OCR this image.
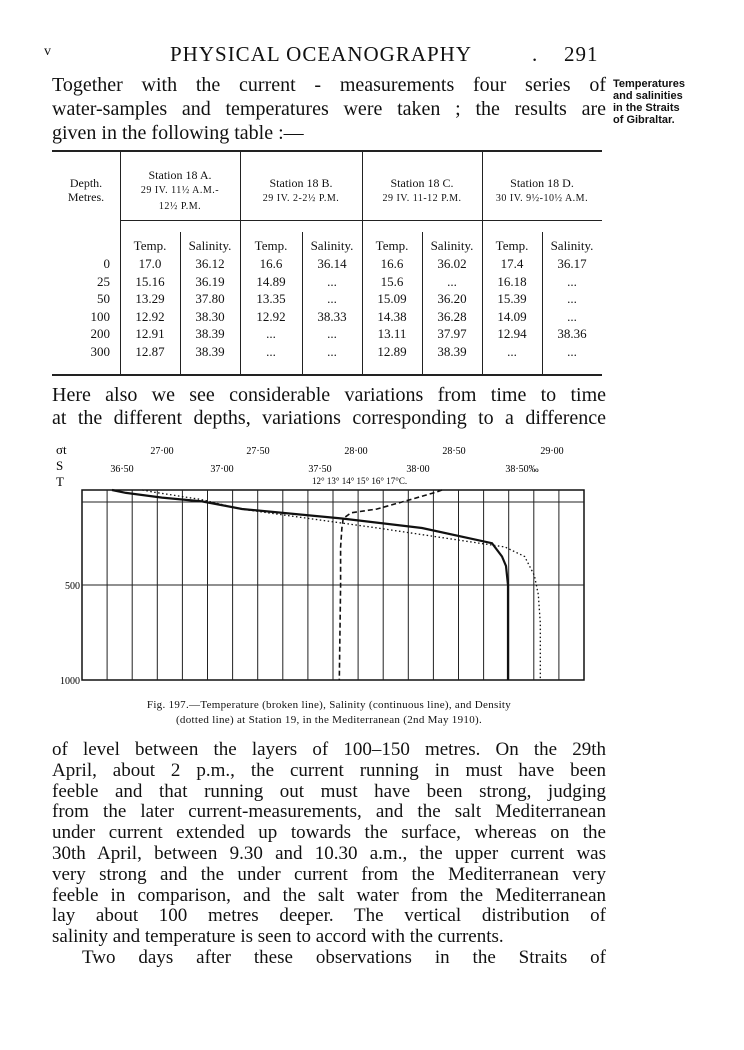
v	PHYSICAL OCEANOGRAPHY	. 291
Temperatures
and salinities
in the Straits
of Gibraltar.
Together with the current - measurements four series of
water-samples and temperatures were taken ; the results are
given in the following table :—
Depth.
Metres.
Station 18 A.
29 IV. 11½ A.M.-
12½ P.M.
Station 18 B.
29 IV. 2-2½ P.M.
Station 18 C.
29 IV. 11-12 P.M.
Station 18 D.
30 IV. 9½-10½ A.M.
Temp.	Salinity.	Temp.	Salinity.	Temp.	Salinity.	Temp.	Salinity.
0	17.0	36.12	16.6	36.14	16.6	36.02	17.4	36.17
25	15.16	36.19	14.89	...	15.6	...	16.18	...
50	13.29	37.80	13.35	...	15.09	36.20	15.39	...
100	12.92	38.30	12.92	38.33	14.38	36.28	14.09	...
200	12.91	38.39	...	...	13.11	37.97	12.94	38.36
300	12.87	38.39	...	...	12.89	38.39	...	...
Here also we see considerable variations from time to time
at the different depths, variations corresponding to a difference
σt
S
T
27·00	27·50	28·00	28·50	29·00
36·50	37·00	37·50	38·00	38·50‰
12° 13° 14° 15° 16° 17°C.
500
1000
Fig. 197.—Temperature (broken line), Salinity (continuous line), and Density
(dotted line) at Station 19, in the Mediterranean (2nd May 1910).
of level between the layers of 100–150 metres. On the 29th
April, about 2 p.m., the current running in must have been
feeble and that running out must have been strong, judging
from the later current-measurements, and the salt Mediterranean
under current extended up towards the surface, whereas on the
30th April, between 9.30 and 10.30 a.m., the upper current was
very strong and the under current from the Mediterranean very
feeble in comparison, and the salt water from the Mediterranean
lay about 100 metres deeper. The vertical distribution of
salinity and temperature is seen to accord with the currents.
Two days after these observations in the Straits of
